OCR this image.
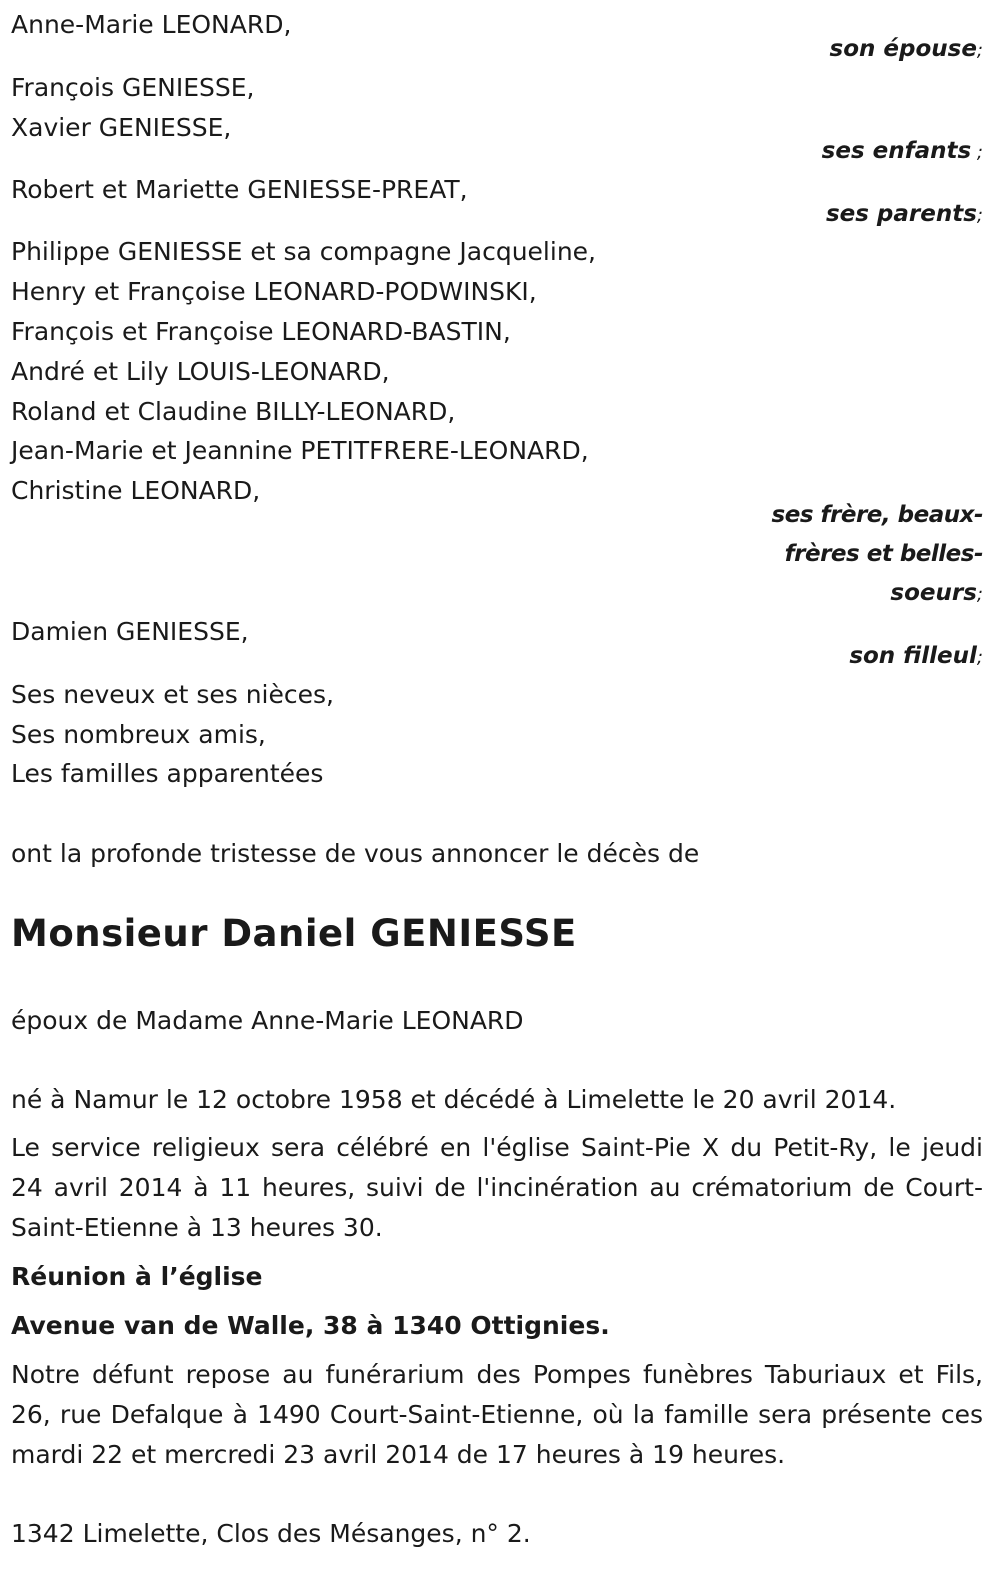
Anne-Marie LEONARD,

son épouse;

François GENIESSE,

Xavier GENIESSE,

ses enfants ;

Robert et Mariette GENIESSE-PREAT,

ses parents;

Philippe GENIESSE et sa compagne Jacqueline,

Henry et Françoise LEONARD-PODWINSKI,

François et Françoise LEONARD-BASTIN,

André et Lily LOUIS-LEONARD,

Roland et Claudine BILLY-LEONARD,

Jean-Marie et Jeannine PETITFRERE-LEONARD,

Christine LEONARD,

ses frère, beaux-

frères et belles-

soeurs;

Damien GENIESSE,

son filleul;

Ses neveux et ses nièces,

Ses nombreux amis,

Les familles apparentées

ont la profonde tristesse de vous annoncer le décès de

Monsieur Daniel GENIESSE

époux de Madame Anne-Marie LEONARD

né à Namur le 12 octobre 1958 et décédé à Limelette le 20 avril 2014.

Le service religieux sera célébré en l'église Saint-Pie X du Petit-Ry, le jeudi 24 avril 2014 à 11 heures, suivi de l'incinération au crématorium de Court-Saint-Etienne à 13 heures 30.

Réunion à l’église

Avenue van de Walle, 38 à 1340 Ottignies.

Notre défunt repose au funérarium des Pompes funèbres Taburiaux et Fils, 26, rue Defalque à 1490 Court-Saint-Etienne, où la famille sera présente ces mardi 22 et mercredi 23 avril 2014 de 17 heures à 19 heures.

1342 Limelette, Clos des Mésanges, n° 2.
